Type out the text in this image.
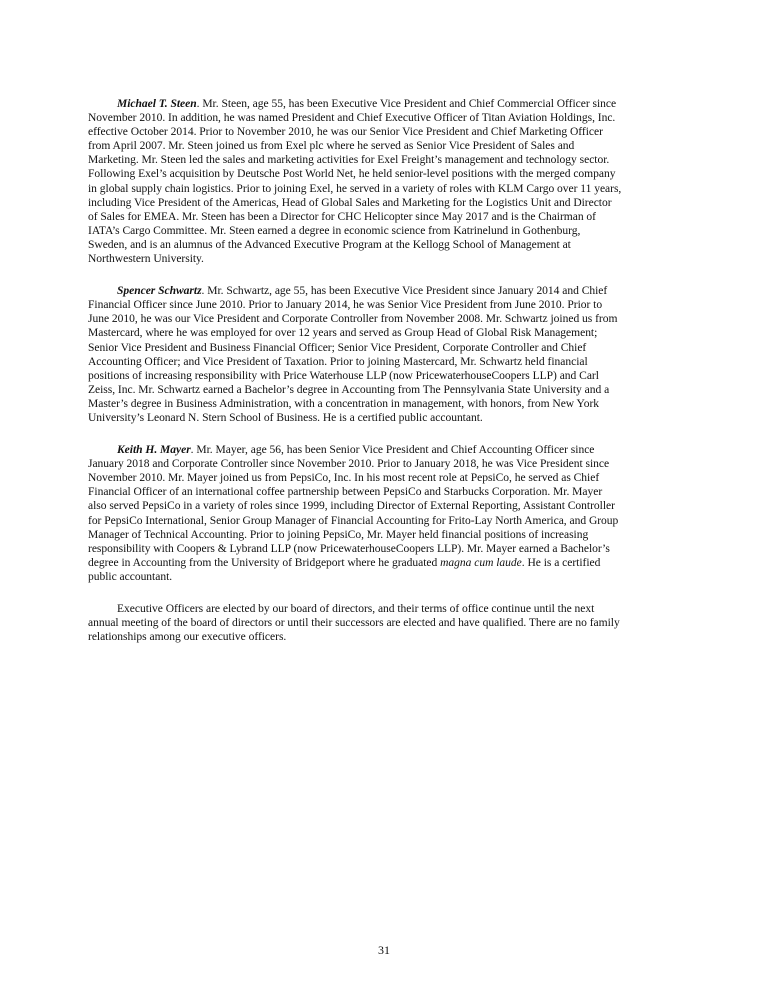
Michael T. Steen. Mr. Steen, age 55, has been Executive Vice President and Chief Commercial Officer since
November 2010. In addition, he was named President and Chief Executive Officer of Titan Aviation Holdings, Inc.
effective October 2014. Prior to November 2010, he was our Senior Vice President and Chief Marketing Officer
from April 2007. Mr. Steen joined us from Exel plc where he served as Senior Vice President of Sales and
Marketing. Mr. Steen led the sales and marketing activities for Exel Freight’s management and technology sector.
Following Exel’s acquisition by Deutsche Post World Net, he held senior-level positions with the merged company
in global supply chain logistics. Prior to joining Exel, he served in a variety of roles with KLM Cargo over 11 years,
including Vice President of the Americas, Head of Global Sales and Marketing for the Logistics Unit and Director
of Sales for EMEA. Mr. Steen has been a Director for CHC Helicopter since May 2017 and is the Chairman of
IATA’s Cargo Committee. Mr. Steen earned a degree in economic science from Katrinelund in Gothenburg,
Sweden, and is an alumnus of the Advanced Executive Program at the Kellogg School of Management at
Northwestern University.

Spencer Schwartz. Mr. Schwartz, age 55, has been Executive Vice President since January 2014 and Chief
Financial Officer since June 2010. Prior to January 2014, he was Senior Vice President from June 2010. Prior to
June 2010, he was our Vice President and Corporate Controller from November 2008. Mr. Schwartz joined us from
Mastercard, where he was employed for over 12 years and served as Group Head of Global Risk Management;
Senior Vice President and Business Financial Officer; Senior Vice President, Corporate Controller and Chief
Accounting Officer; and Vice President of Taxation. Prior to joining Mastercard, Mr. Schwartz held financial
positions of increasing responsibility with Price Waterhouse LLP (now PricewaterhouseCoopers LLP) and Carl
Zeiss, Inc. Mr. Schwartz earned a Bachelor’s degree in Accounting from The Pennsylvania State University and a
Master’s degree in Business Administration, with a concentration in management, with honors, from New York
University’s Leonard N. Stern School of Business. He is a certified public accountant.

Keith H. Mayer. Mr. Mayer, age 56, has been Senior Vice President and Chief Accounting Officer since
January 2018 and Corporate Controller since November 2010. Prior to January 2018, he was Vice President since
November 2010. Mr. Mayer joined us from PepsiCo, Inc. In his most recent role at PepsiCo, he served as Chief
Financial Officer of an international coffee partnership between PepsiCo and Starbucks Corporation. Mr. Mayer
also served PepsiCo in a variety of roles since 1999, including Director of External Reporting, Assistant Controller
for PepsiCo International, Senior Group Manager of Financial Accounting for Frito-Lay North America, and Group
Manager of Technical Accounting. Prior to joining PepsiCo, Mr. Mayer held financial positions of increasing
responsibility with Coopers & Lybrand LLP (now PricewaterhouseCoopers LLP). Mr. Mayer earned a Bachelor’s
degree in Accounting from the University of Bridgeport where he graduated magna cum laude. He is a certified
public accountant.

Executive Officers are elected by our board of directors, and their terms of office continue until the next
annual meeting of the board of directors or until their successors are elected and have qualified. There are no family
relationships among our executive officers.

31
